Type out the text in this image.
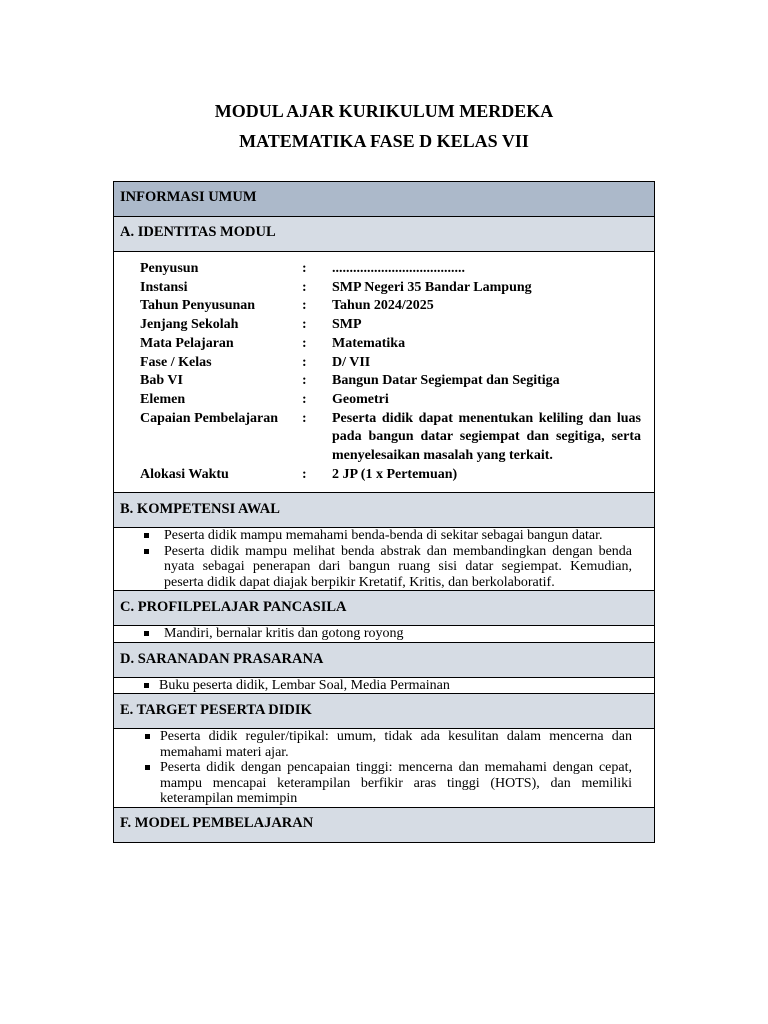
MODUL AJAR KURIKULUM MERDEKA
MATEMATIKA FASE D KELAS VII
INFORMASI UMUM

A. IDENTITAS MODUL

Penyusun	:	......................................
Instansi	:	SMP Negeri 35 Bandar Lampung
Tahun Penyusunan	:	Tahun 2024/2025
Jenjang Sekolah	:	SMP
Mata Pelajaran	:	Matematika
Fase / Kelas	:	D/ VII
Bab VI	:	Bangun Datar Segiempat dan Segitiga
Elemen	:	Geometri
Capaian Pembelajaran	:	Peserta didik dapat menentukan keliling dan luas pada bangun datar segiempat dan segitiga, serta menyelesaikan masalah yang terkait.
Alokasi Waktu	:	2 JP (1 x Pertemuan)

B. KOMPETENSI AWAL

Peserta didik mampu memahami benda-benda di sekitar sebagai bangun datar.
Peserta didik mampu melihat benda abstrak dan membandingkan dengan benda nyata sebagai penerapan dari bangun ruang sisi datar segiempat. Kemudian, peserta didik dapat diajak berpikir Kretatif, Kritis, dan berkolaboratif.

C. PROFILPELAJAR PANCASILA

Mandiri, bernalar kritis dan gotong royong

D. SARANADAN PRASARANA

Buku peserta didik, Lembar Soal, Media Permainan

E. TARGET PESERTA DIDIK

Peserta didik reguler/tipikal: umum, tidak ada kesulitan dalam mencerna dan memahami materi ajar.
Peserta didik dengan pencapaian tinggi: mencerna dan memahami dengan cepat, mampu mencapai keterampilan berfikir aras tinggi (HOTS), dan memiliki keterampilan memimpin

F. MODEL PEMBELAJARAN
